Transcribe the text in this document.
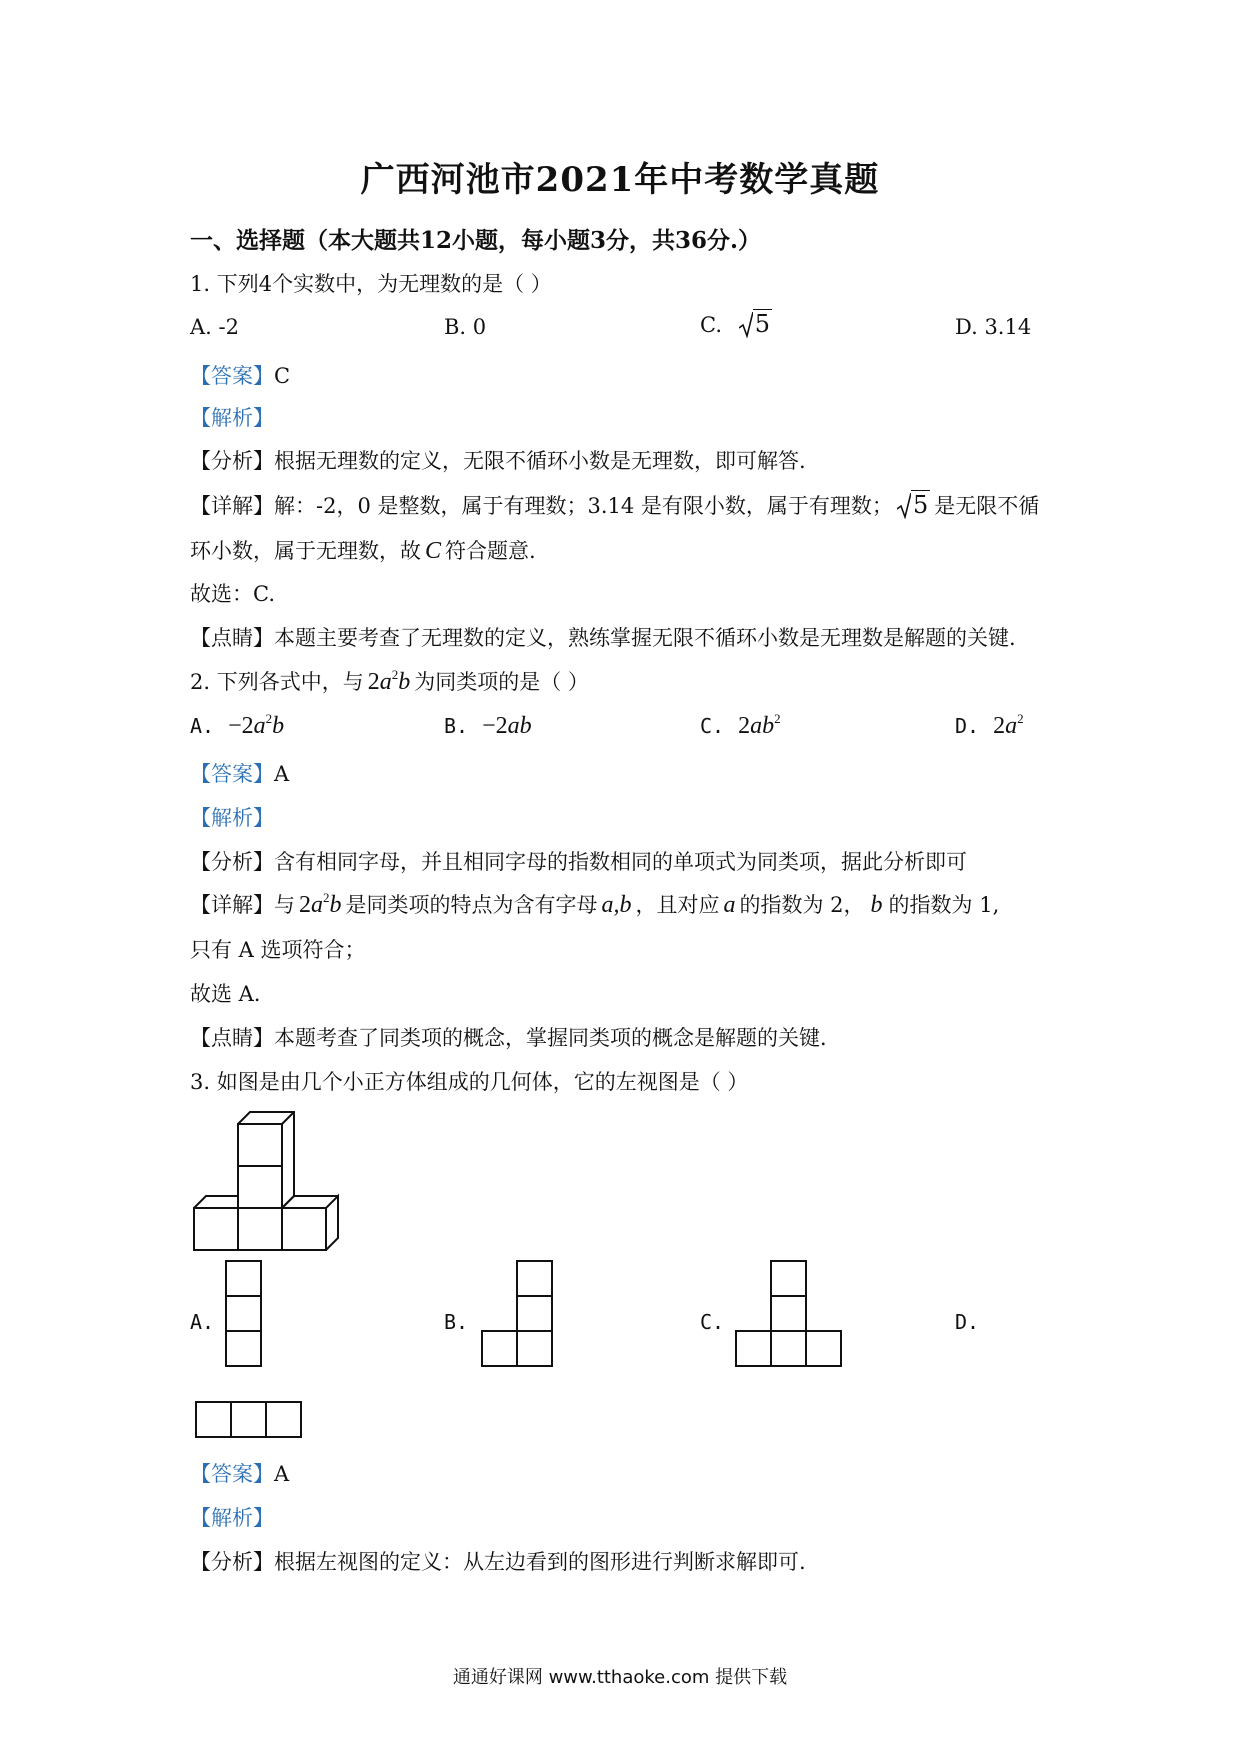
广西河池市2021年中考数学真题
一、选择题（本大题共12小题，每小题3分，共36分.）
1. 下列4个实数中，为无理数的是（ ）
A. -2	B. 0	C. 5	D. 3.14
【答案】C
【解析】
【分析】根据无理数的定义，无限不循环小数是无理数，即可解答.
【详解】解：-2，0 是整数，属于有理数；3.14 是有限小数，属于有理数； 5 是无限不循
环小数，属于无理数，故 C 符合题意.
故选：C.
【点睛】本题主要考查了无理数的定义，熟练掌握无限不循环小数是无理数是解题的关键.
2. 下列各式中，与 $2a^2b$ 为同类项的是（ ）
A. $-2a^2b$	B. −2ab	C. $2ab^2$	D. $2a^2$
【答案】A
【解析】
【分析】含有相同字母，并且相同字母的指数相同的单项式为同类项，据此分析即可
【详解】与 $2a^2b$ 是同类项的特点为含有字母 a,b ，且对应 a 的指数为 2， b 的指数为 1,
只有 A 选项符合；
故选 A．
【点睛】本题考查了同类项的概念，掌握同类项的概念是解题的关键．
3. 如图是由几个小正方体组成的几何体，它的左视图是（ ）
A.	B.	C.	D.
【答案】A
【解析】
【分析】根据左视图的定义：从左边看到的图形进行判断求解即可.
通通好课网 www.tthaoke.com 提供下载
